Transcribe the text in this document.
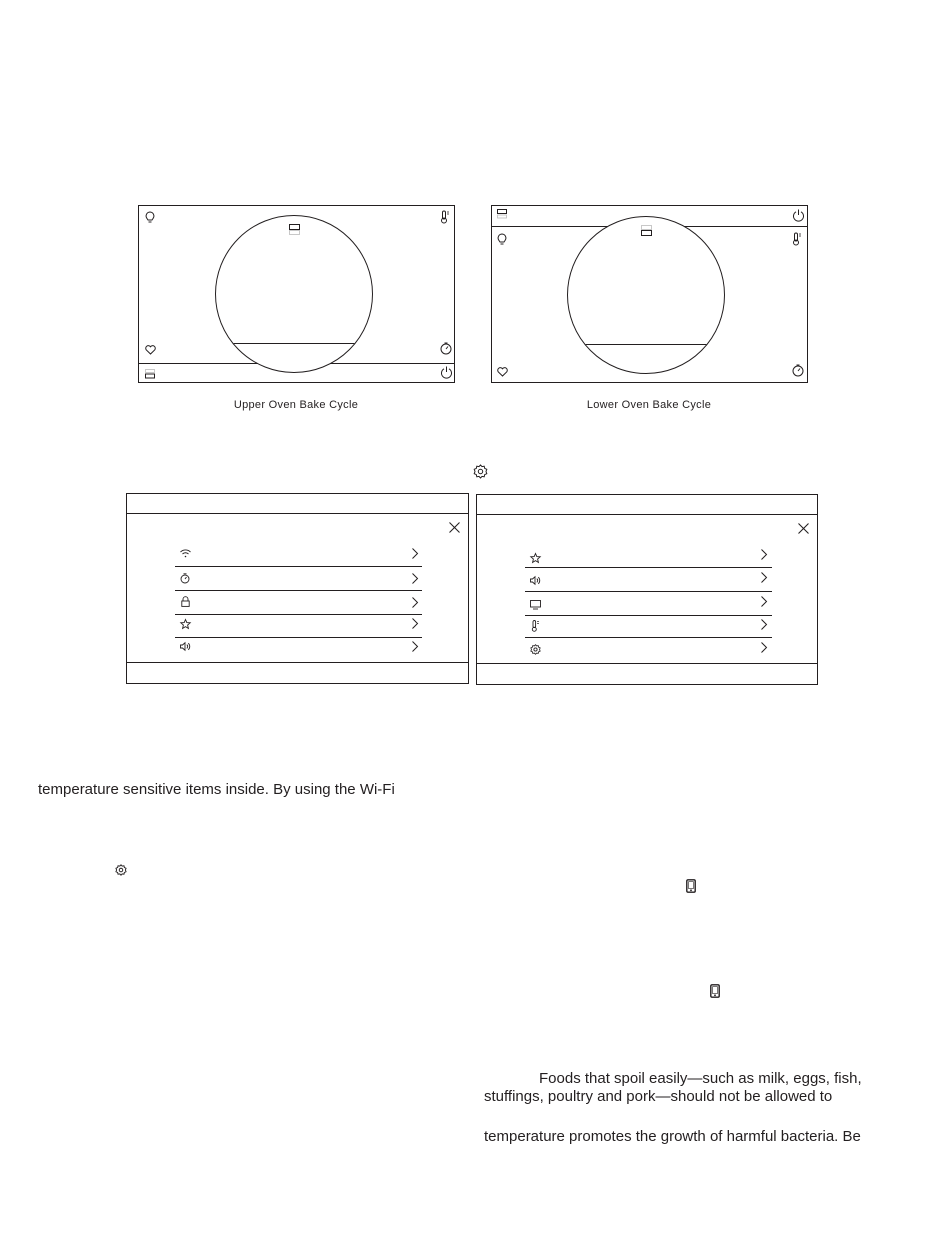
Upper Oven Bake Cycle	Lower Oven Bake Cycle
temperature sensitive items inside. By using the Wi-Fi
Foods that spoil easily—such as milk, eggs, fish,
stuffings, poultry and pork—should not be allowed to
temperature promotes the growth of harmful bacteria. Be
